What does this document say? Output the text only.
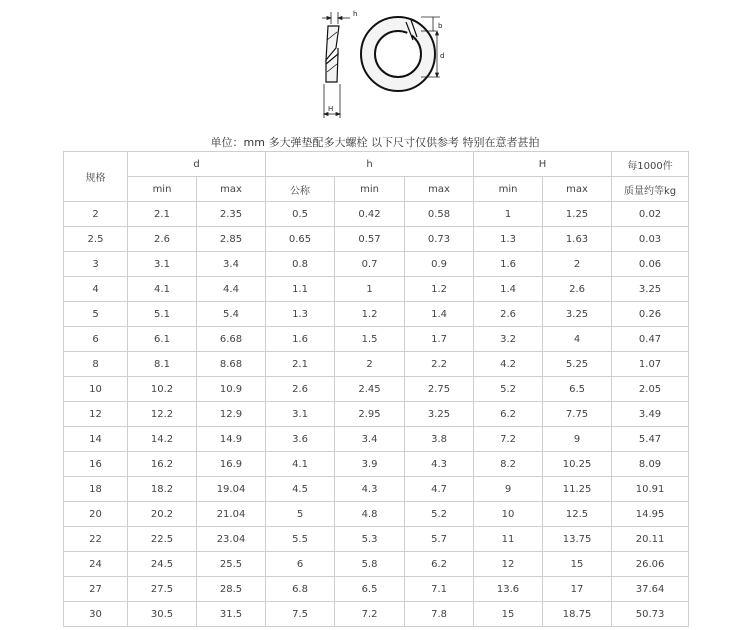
h
H
b
d
单位：mm 多大弹垫配多大螺栓 以下尺寸仅供参考 特别在意者甚拍
规格	d		h			H		每1000件
	min	max	公称	min	max	min	max	质量约等kg
2	2.1	2.35	0.5	0.42	0.58	1	1.25	0.02
2.5	2.6	2.85	0.65	0.57	0.73	1.3	1.63	0.03
3	3.1	3.4	0.8	0.7	0.9	1.6	2	0.06
4	4.1	4.4	1.1	1	1.2	1.4	2.6	3.25
5	5.1	5.4	1.3	1.2	1.4	2.6	3.25	0.26
6	6.1	6.68	1.6	1.5	1.7	3.2	4	0.47
8	8.1	8.68	2.1	2	2.2	4.2	5.25	1.07
10	10.2	10.9	2.6	2.45	2.75	5.2	6.5	2.05
12	12.2	12.9	3.1	2.95	3.25	6.2	7.75	3.49
14	14.2	14.9	3.6	3.4	3.8	7.2	9	5.47
16	16.2	16.9	4.1	3.9	4.3	8.2	10.25	8.09
18	18.2	19.04	4.5	4.3	4.7	9	11.25	10.91
20	20.2	21.04	5	4.8	5.2	10	12.5	14.95
22	22.5	23.04	5.5	5.3	5.7	11	13.75	20.11
24	24.5	25.5	6	5.8	6.2	12	15	26.06
27	27.5	28.5	6.8	6.5	7.1	13.6	17	37.64
30	30.5	31.5	7.5	7.2	7.8	15	18.75	50.73
